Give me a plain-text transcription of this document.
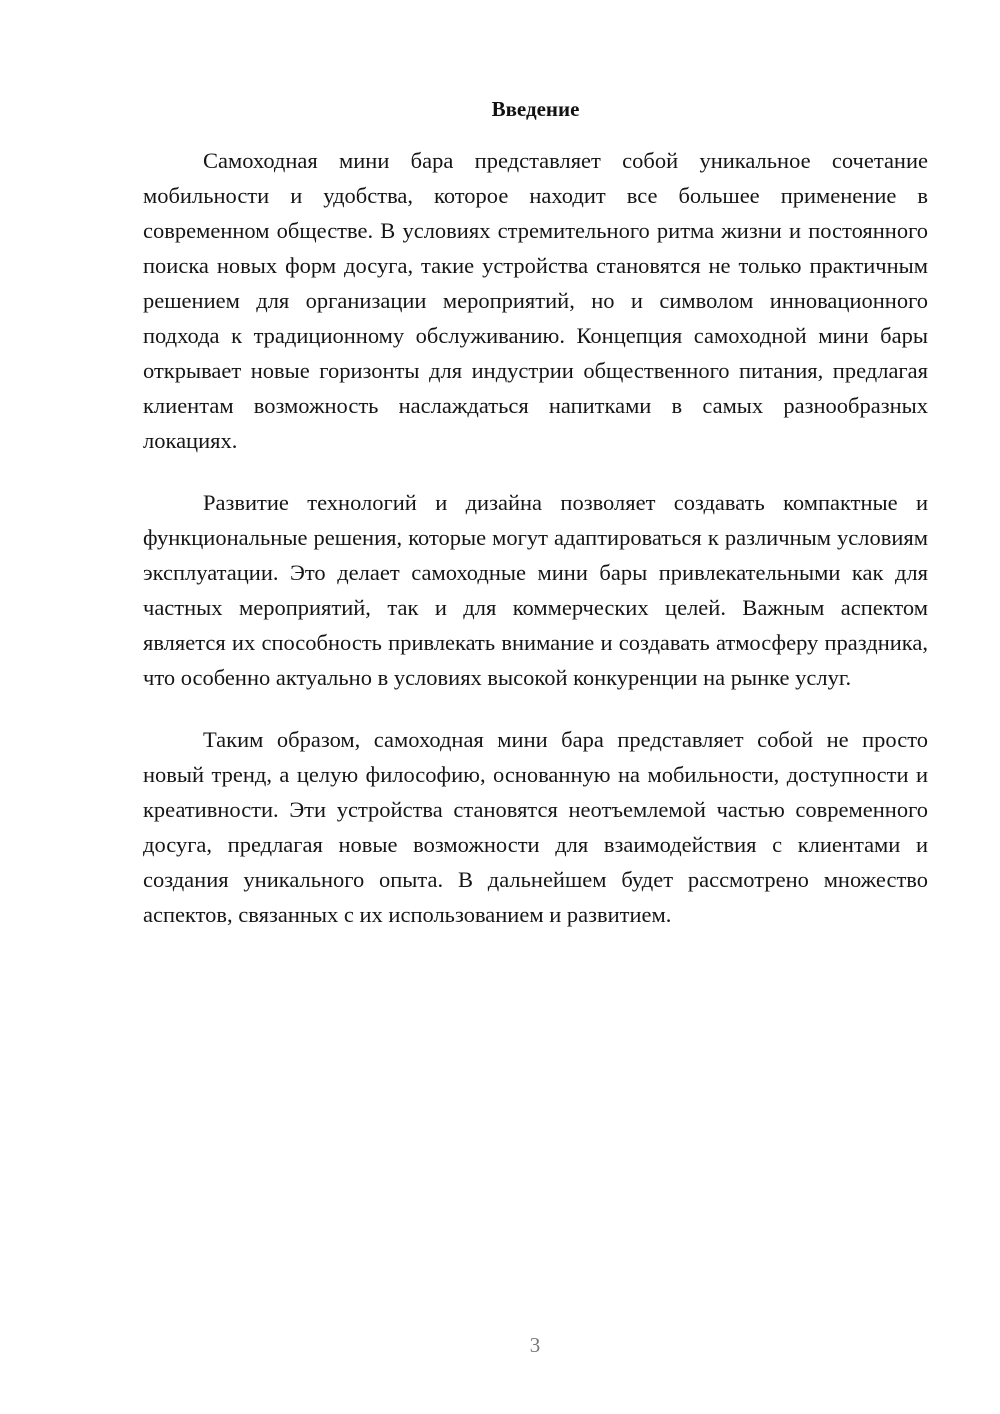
Введение

Самоходная мини бара представляет собой уникальное сочетание мобильности и удобства, которое находит все большее применение в современном обществе. В условиях стремительного ритма жизни и постоянного поиска новых форм досуга, такие устройства становятся не только практичным решением для организации мероприятий, но и символом инновационного подхода к традиционному обслуживанию. Концепция самоходной мини бары открывает новые горизонты для индустрии общественного питания, предлагая клиентам возможность наслаждаться напитками в самых разнообразных локациях.

Развитие технологий и дизайна позволяет создавать компактные и функциональные решения, которые могут адаптироваться к различным условиям эксплуатации. Это делает самоходные мини бары привлекательными как для частных мероприятий, так и для коммерческих целей. Важным аспектом является их способность привлекать внимание и создавать атмосферу праздника, что особенно актуально в условиях высокой конкуренции на рынке услуг.

Таким образом, самоходная мини бара представляет собой не просто новый тренд, а целую философию, основанную на мобильности, доступности и креативности. Эти устройства становятся неотъемлемой частью современного досуга, предлагая новые возможности для взаимодействия с клиентами и создания уникального опыта. В дальнейшем будет рассмотрено множество аспектов, связанных с их использованием и развитием.

3
